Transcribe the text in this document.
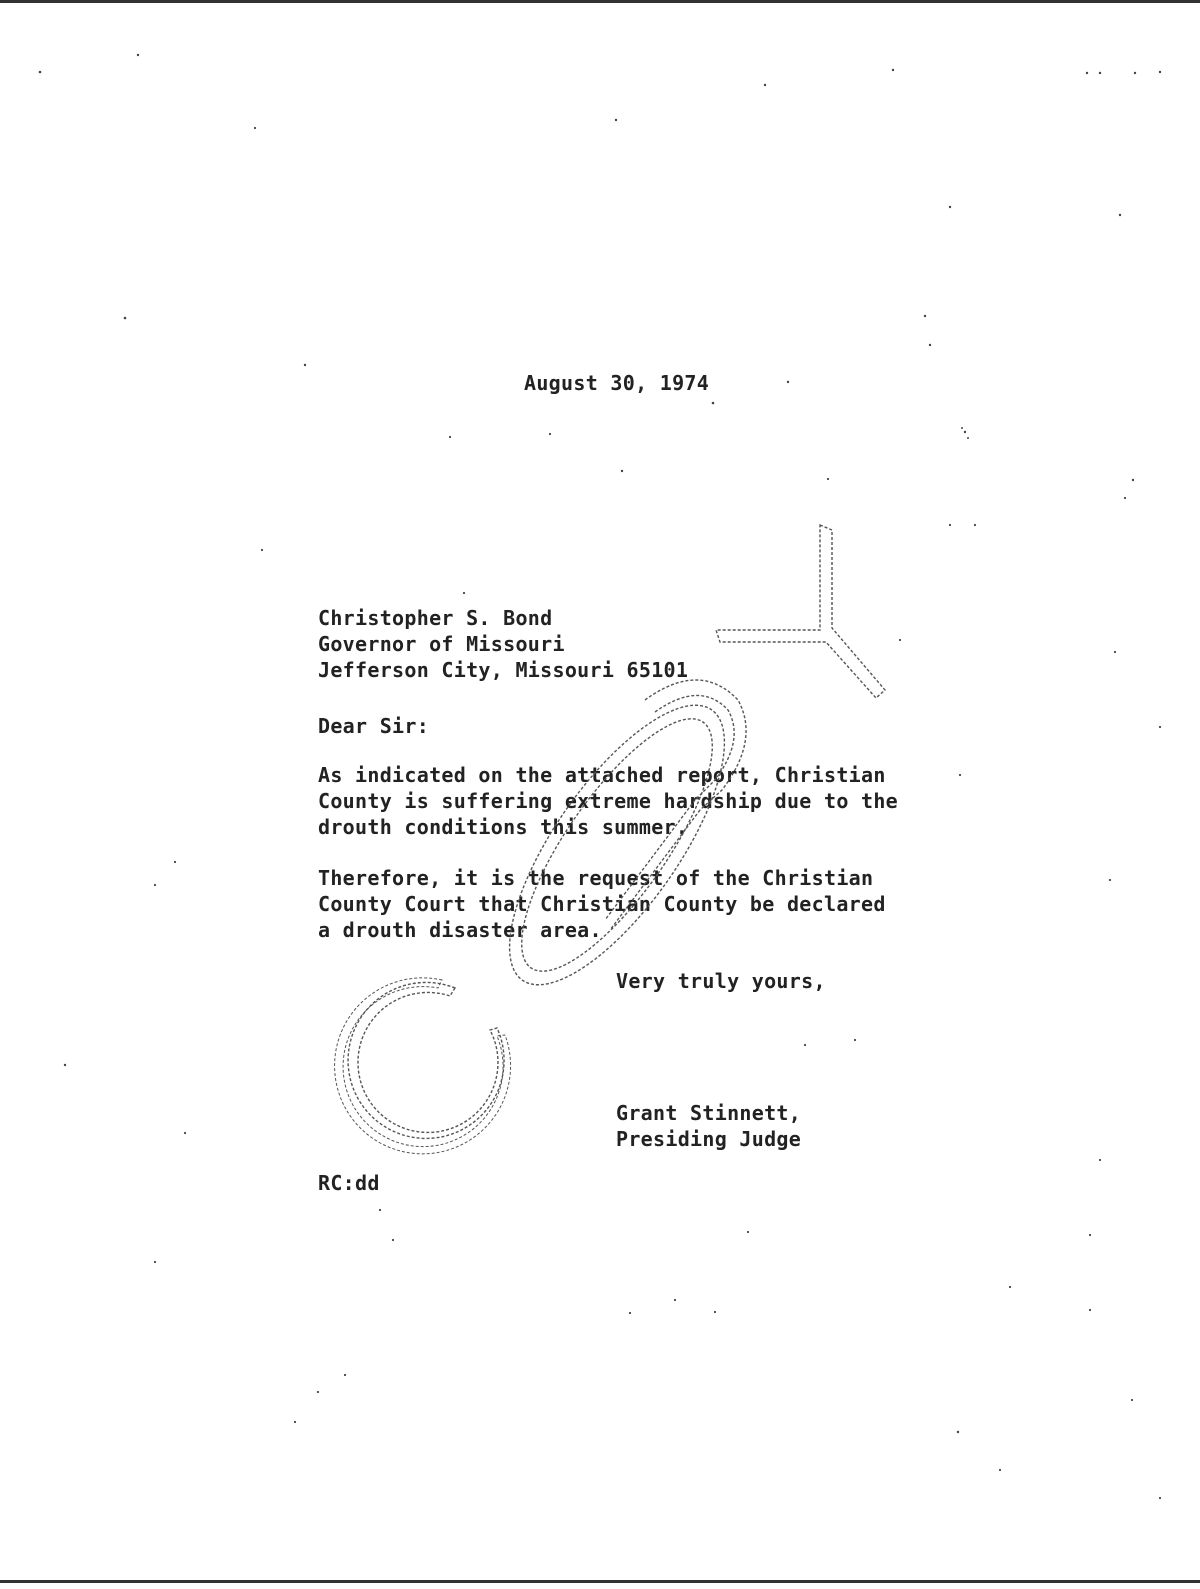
August 30, 1974
Christopher S. Bond
Governor of Missouri
Jefferson City, Missouri 65101
Dear Sir:
As indicated on the attached report, Christian
County is suffering extreme hardship due to the
drouth conditions this summer.
Therefore, it is the request of the Christian
County Court that Christian County be declared
a drouth disaster area.
Very truly yours,
Grant Stinnett,
Presiding Judge
RC:dd
